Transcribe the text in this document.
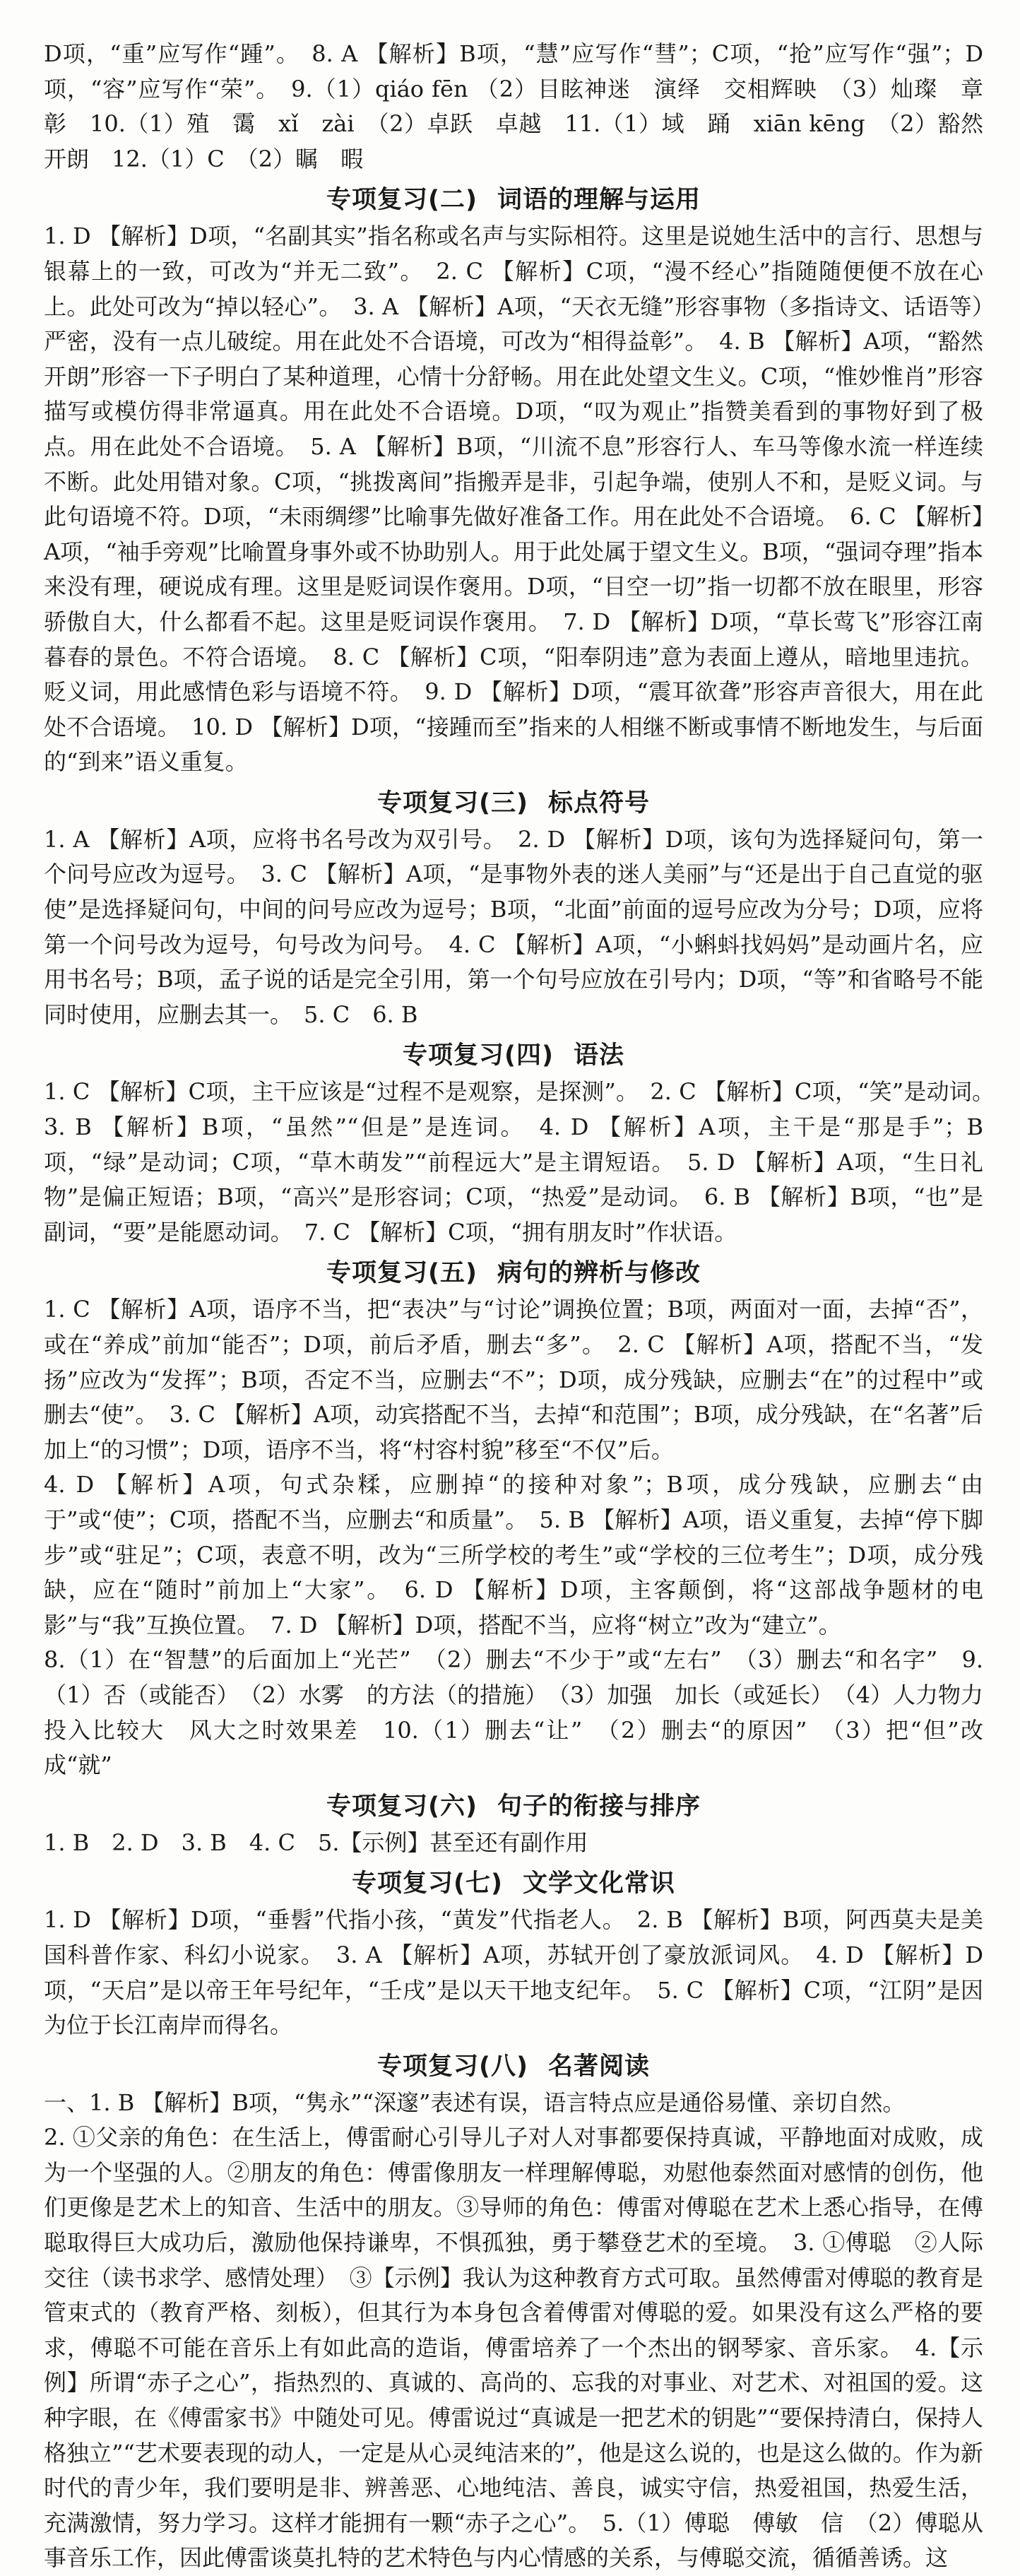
D项，“重”应写作“踵”。　8. A 【解析】B项，“慧”应写作“彗”；C项，“抢”应写作“强”；D项，“容”应写作“荣”。　9.（1）qiáo fēn （2）目眩神迷　演绎　交相辉映　（3）灿璨　章　彰　10.（1）殖　霭　xǐ　zài　（2）卓跃　卓越　11.（1）域　踊　xiān kēng　（2）豁然开朗　12.（1）C　（2）瞩　暇

专项复习(二) 词语的理解与运用

1. D 【解析】D项，“名副其实”指名称或名声与实际相符。这里是说她生活中的言行、思想与银幕上的一致，可改为“并无二致”。　2. C 【解析】C项，“漫不经心”指随随便便不放在心上。此处可改为“掉以轻心”。　3. A 【解析】A项，“天衣无缝”形容事物（多指诗文、话语等）严密，没有一点儿破绽。用在此处不合语境，可改为“相得益彰”。　4. B 【解析】A项，“豁然开朗”形容一下子明白了某种道理，心情十分舒畅。用在此处望文生义。C项，“惟妙惟肖”形容描写或模仿得非常逼真。用在此处不合语境。D项，“叹为观止”指赞美看到的事物好到了极点。用在此处不合语境。　5. A 【解析】B项，“川流不息”形容行人、车马等像水流一样连续不断。此处用错对象。C项，“挑拨离间”指搬弄是非，引起争端，使别人不和，是贬义词。与此句语境不符。D项，“未雨绸缪”比喻事先做好准备工作。用在此处不合语境。　6. C 【解析】A项，“袖手旁观”比喻置身事外或不协助别人。用于此处属于望文生义。B项，“强词夺理”指本来没有理，硬说成有理。这里是贬词误作褒用。D项，“目空一切”指一切都不放在眼里，形容骄傲自大，什么都看不起。这里是贬词误作褒用。　7. D 【解析】D项，“草长莺飞”形容江南暮春的景色。不符合语境。　8. C 【解析】C项，“阳奉阴违”意为表面上遵从，暗地里违抗。贬义词，用此感情色彩与语境不符。　9. D 【解析】D项，“震耳欲聋”形容声音很大，用在此处不合语境。　10. D 【解析】D项，“接踵而至”指来的人相继不断或事情不断地发生，与后面的“到来”语义重复。

专项复习(三) 标点符号

1. A 【解析】A项，应将书名号改为双引号。　2. D 【解析】D项，该句为选择疑问句，第一个问号应改为逗号。　3. C 【解析】A项，“是事物外表的迷人美丽”与“还是出于自己直觉的驱使”是选择疑问句，中间的问号应改为逗号；B项，“北面”前面的逗号应改为分号；D项，应将第一个问号改为逗号，句号改为问号。　4. C 【解析】A项，“小蝌蚪找妈妈”是动画片名，应用书名号；B项，孟子说的话是完全引用，第一个句号应放在引号内；D项，“等”和省略号不能同时使用，应删去其一。　5. C　6. B

专项复习(四) 语法

1. C 【解析】C项，主干应该是“过程不是观察，是探测”。　2. C 【解析】C项，“笑”是动词。　3. B 【解析】B项，“虽然”“但是”是连词。　4. D 【解析】A项，主干是“那是手”；B项，“绿”是动词；C项，“草木萌发”“前程远大”是主谓短语。　5. D 【解析】A项，“生日礼物”是偏正短语；B项，“高兴”是形容词；C项，“热爱”是动词。　6. B 【解析】B项，“也”是副词，“要”是能愿动词。　7. C 【解析】C项，“拥有朋友时”作状语。

专项复习(五) 病句的辨析与修改

1. C 【解析】A项，语序不当，把“表决”与“讨论”调换位置；B项，两面对一面，去掉“否”，或在“养成”前加“能否”；D项，前后矛盾，删去“多”。　2. C 【解析】A项，搭配不当，“发扬”应改为“发挥”；B项，否定不当，应删去“不”；D项，成分残缺，应删去“在”的过程中”或删去“使”。　3. C 【解析】A项，动宾搭配不当，去掉“和范围”；B项，成分残缺，在“名著”后加上“的习惯”；D项，语序不当，将“村容村貌”移至“不仅”后。

4. D 【解析】A项，句式杂糅，应删掉“的接种对象”；B项，成分残缺，应删去“由于”或“使”；C项，搭配不当，应删去“和质量”。　5. B 【解析】A项，语义重复，去掉“停下脚步”或“驻足”；C项，表意不明，改为“三所学校的考生”或“学校的三位考生”；D项，成分残缺，应在“随时”前加上“大家”。　6. D 【解析】D项，主客颠倒，将“这部战争题材的电影”与“我”互换位置。　7. D 【解析】D项，搭配不当，应将“树立”改为“建立”。

8.（1）在“智慧”的后面加上“光芒”　（2）删去“不少于”或“左右”　（3）删去“和名字”　9.（1）否（或能否）　（2）水雾　的方法（的措施）　（3）加强　加长（或延长）　（4）人力物力投入比较大　风大之时效果差　10.（1）删去“让”　（2）删去“的原因”　（3）把“但”改成“就”

专项复习(六) 句子的衔接与排序

1. B　2. D　3. B　4. C　5.【示例】甚至还有副作用

专项复习(七) 文学文化常识

1. D 【解析】D项，“垂髫”代指小孩，“黄发”代指老人。　2. B 【解析】B项，阿西莫夫是美国科普作家、科幻小说家。　3. A 【解析】A项，苏轼开创了豪放派词风。　4. D 【解析】D项，“天启”是以帝王年号纪年，“壬戌”是以天干地支纪年。　5. C 【解析】C项，“江阴”是因为位于长江南岸而得名。

专项复习(八) 名著阅读

一、1. B 【解析】B项，“隽永”“深邃”表述有误，语言特点应是通俗易懂、亲切自然。

2. ①父亲的角色：在生活上，傅雷耐心引导儿子对人对事都要保持真诚，平静地面对成败，成为一个坚强的人。②朋友的角色：傅雷像朋友一样理解傅聪，劝慰他泰然面对感情的创伤，他们更像是艺术上的知音、生活中的朋友。③导师的角色：傅雷对傅聪在艺术上悉心指导，在傅聪取得巨大成功后，激励他保持谦卑，不惧孤独，勇于攀登艺术的至境。　3. ①傅聪　②人际交往（读书求学、感情处理）　③【示例】我认为这种教育方式可取。虽然傅雷对傅聪的教育是管束式的（教育严格、刻板），但其行为本身包含着傅雷对傅聪的爱。如果没有这么严格的要求，傅聪不可能在音乐上有如此高的造诣，傅雷培养了一个杰出的钢琴家、音乐家。　4.【示例】所谓“赤子之心”，指热烈的、真诚的、高尚的、忘我的对事业、对艺术、对祖国的爱。这种字眼，在《傅雷家书》中随处可见。傅雷说过“真诚是一把艺术的钥匙”“要保持清白，保持人格独立”“艺术要表现的动人，一定是从心灵纯洁来的”，他是这么说的，也是这么做的。作为新时代的青少年，我们要明是非、辨善恶、心地纯洁、善良，诚实守信，热爱祖国，热爱生活，充满激情，努力学习。这样才能拥有一颗“赤子之心”。　5.（1）傅聪　傅敏　信　（2）傅聪从事音乐工作，因此傅雷谈莫扎特的艺术特色与内心情感的关系，与傅聪交流，循循善诱。这
